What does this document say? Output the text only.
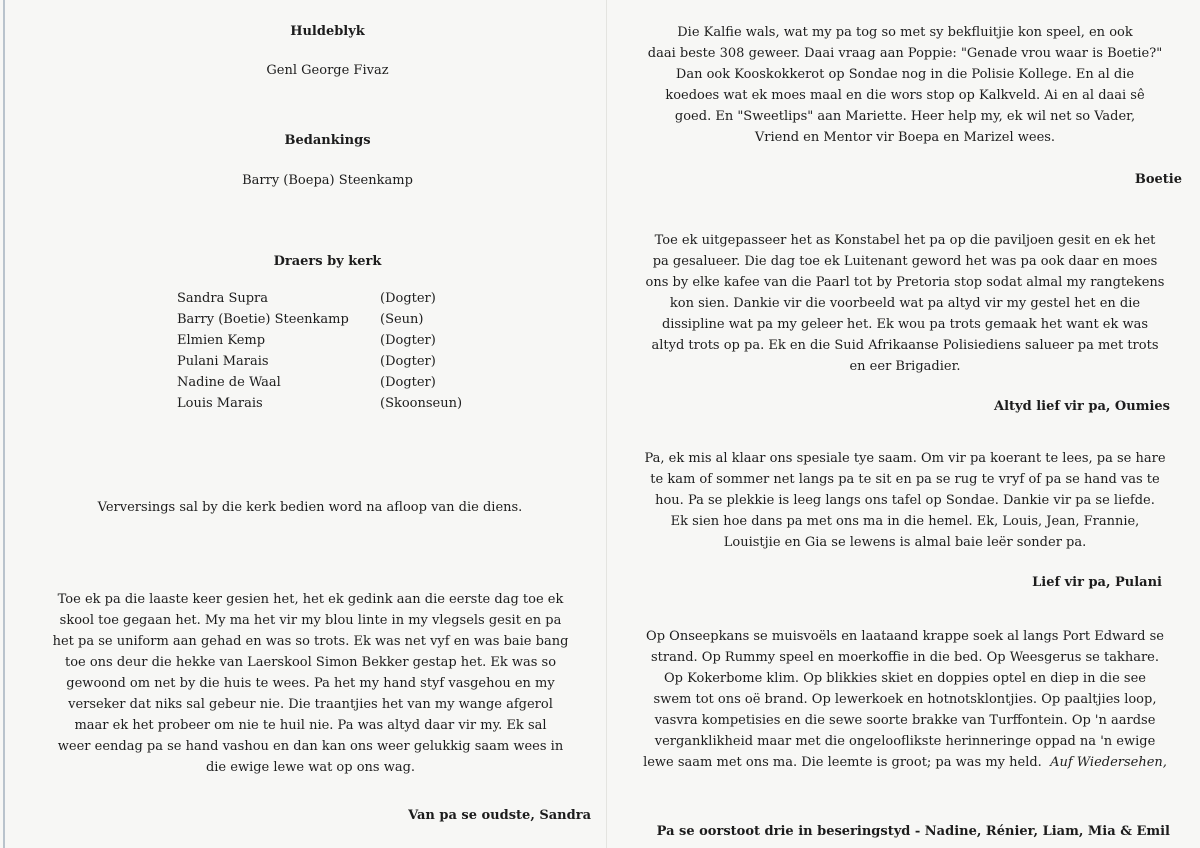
Huldeblyk
Genl George Fivaz
Bedankings
Barry (Boepa) Steenkamp
Draers by kerk
Sandra Supra	(Dogter)
Barry (Boetie) Steenkamp	(Seun)
Elmien Kemp	(Dogter)
Pulani Marais	(Dogter)
Nadine de Waal	(Dogter)
Louis Marais	(Skoonseun)
Verversings sal by die kerk bedien word na afloop van die diens.
Toe ek pa die laaste keer gesien het, het ek gedink aan die eerste dag toe ek
skool toe gegaan het. My ma het vir my blou linte in my vlegsels gesit en pa
het pa se uniform aan gehad en was so trots. Ek was net vyf en was baie bang
toe ons deur die hekke van Laerskool Simon Bekker gestap het. Ek was so
gewoond om net by die huis te wees. Pa het my hand styf vasgehou en my
verseker dat niks sal gebeur nie. Die traantjies het van my wange afgerol
maar ek het probeer om nie te huil nie. Pa was altyd daar vir my. Ek sal
weer eendag pa se hand vashou en dan kan ons weer gelukkig saam wees in
die ewige lewe wat op ons wag.
Van pa se oudste, Sandra
Die Kalfie wals, wat my pa tog so met sy bekfluitjie kon speel, en ook
daai beste 308 geweer. Daai vraag aan Poppie: "Genade vrou waar is Boetie?"
Dan ook Kooskokkerot op Sondae nog in die Polisie Kollege. En al die
koedoes wat ek moes maal en die wors stop op Kalkveld. Ai en al daai sê
goed. En "Sweetlips" aan Mariette. Heer help my, ek wil net so Vader,
Vriend en Mentor vir Boepa en Marizel wees.
Boetie
Toe ek uitgepasseer het as Konstabel het pa op die paviljoen gesit en ek het
pa gesalueer. Die dag toe ek Luitenant geword het was pa ook daar en moes
ons by elke kafee van die Paarl tot by Pretoria stop sodat almal my rangtekens
kon sien. Dankie vir die voorbeeld wat pa altyd vir my gestel het en die
dissipline wat pa my geleer het. Ek wou pa trots gemaak het want ek was
altyd trots op pa. Ek en die Suid Afrikaanse Polisiediens salueer pa met trots
en eer Brigadier.
Altyd lief vir pa, Oumies
Pa, ek mis al klaar ons spesiale tye saam. Om vir pa koerant te lees, pa se hare
te kam of sommer net langs pa te sit en pa se rug te vryf of pa se hand vas te
hou. Pa se plekkie is leeg langs ons tafel op Sondae. Dankie vir pa se liefde.
Ek sien hoe dans pa met ons ma in die hemel. Ek, Louis, Jean, Frannie,
Louistjie en Gia se lewens is almal baie leër sonder pa.
Lief vir pa, Pulani
Op Onseepkans se muisvoëls en laataand krappe soek al langs Port Edward se
strand. Op Rummy speel en moerkoffie in die bed. Op Weesgerus se takhare.
Op Kokerbome klim. Op blikkies skiet en doppies optel en diep in die see
swem tot ons oë brand. Op lewerkoek en hotnotsklontjies. Op paaltjies loop,
vasvra kompetisies en die sewe soorte brakke van Turffontein. Op 'n aardse
verganklikheid maar met die ongelooflikste herinneringe oppad na 'n ewige
lewe saam met ons ma. Die leemte is groot; pa was my held. Auf Wiedersehen,
Pa se oorstoot drie in beseringstyd - Nadine, Rénier, Liam, Mia & Emil
